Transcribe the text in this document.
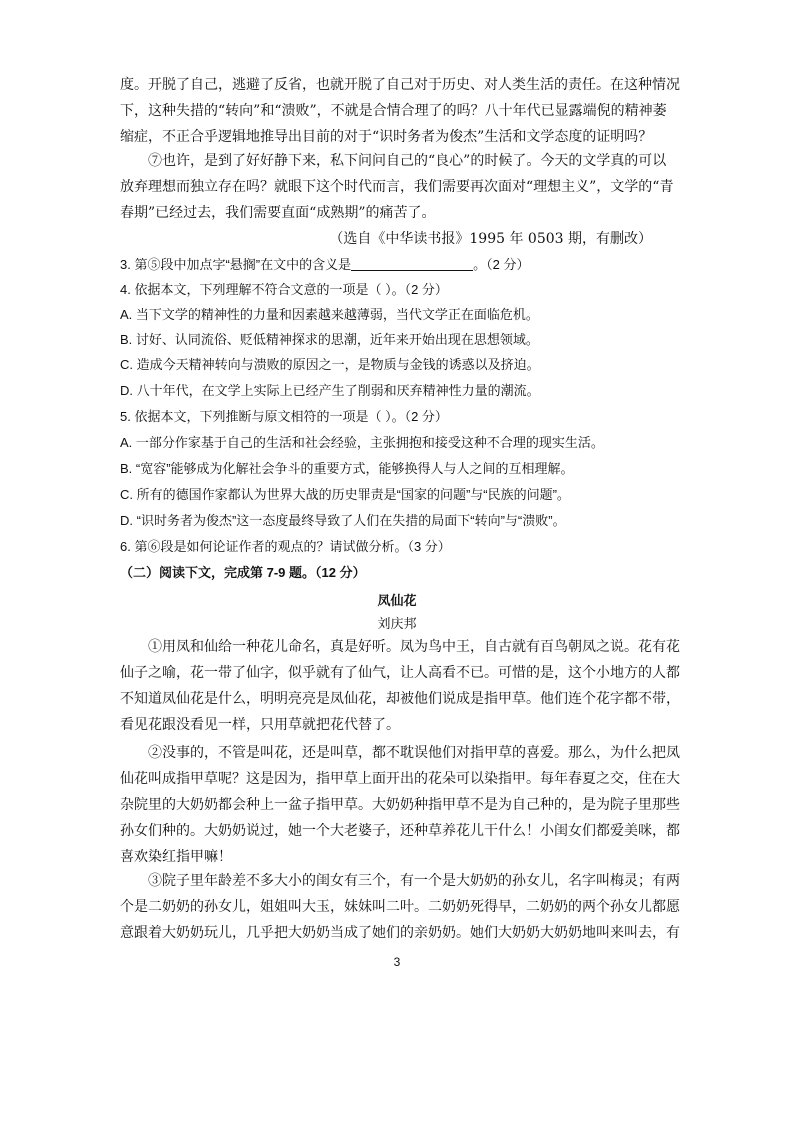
度。开脱了自己，逃避了反省，也就开脱了自己对于历史、对人类生活的责任。在这种情况下，这种失措的“转向”和“溃败”，不就是合情合理了的吗？八十年代已显露端倪的精神萎缩症，不正合乎逻辑地推导出目前的对于“识时务者为俊杰”生活和文学态度的证明吗？

⑦也许，是到了好好静下来，私下问问自己的“良心”的时候了。今天的文学真的可以放弃理想而独立存在吗？就眼下这个时代而言，我们需要再次面对“理想主义”，文学的“青春期”已经过去，我们需要直面“成熟期”的痛苦了。

（选自《中华读书报》1995 年 0503 期，有删改）

3. 第⑤段中加点字“悬搁”在文中的含义是	。（2 分）

4. 依据本文，下列理解不符合文意的一项是（ ）。（2 分）

A. 当下文学的精神性的力量和因素越来越薄弱，当代文学正在面临危机。

B. 讨好、认同流俗、贬低精神探求的思潮，近年来开始出现在思想领域。

C. 造成今天精神转向与溃败的原因之一，是物质与金钱的诱惑以及挤迫。

D. 八十年代，在文学上实际上已经产生了削弱和厌弃精神性力量的潮流。

5. 依据本文，下列推断与原文相符的一项是（ ）。（2 分）

A. 一部分作家基于自己的生活和社会经验，主张拥抱和接受这种不合理的现实生活。

B. “宽容”能够成为化解社会争斗的重要方式，能够换得人与人之间的互相理解。

C. 所有的德国作家都认为世界大战的历史罪责是“国家的问题”与“民族的问题”。

D. “识时务者为俊杰”这一态度最终导致了人们在失措的局面下“转向”与“溃败”。

6. 第⑥段是如何论证作者的观点的？请试做分析。（3 分）

（二）阅读下文，完成第 7-9 题。（12 分）

凤仙花

刘庆邦

①用凤和仙给一种花儿命名，真是好听。凤为鸟中王，自古就有百鸟朝凤之说。花有花仙子之喻，花一带了仙字，似乎就有了仙气，让人高看不已。可惜的是，这个小地方的人都不知道凤仙花是什么，明明亮亮是凤仙花，却被他们说成是指甲草。他们连个花字都不带，看见花跟没看见一样，只用草就把花代替了。

②没事的，不管是叫花，还是叫草，都不耽误他们对指甲草的喜爱。那么，为什么把凤仙花叫成指甲草呢？这是因为，指甲草上面开出的花朵可以染指甲。每年春夏之交，住在大杂院里的大奶奶都会种上一盆子指甲草。大奶奶种指甲草不是为自己种的，是为院子里那些孙女们种的。大奶奶说过，她一个大老婆子，还种草养花儿干什么！小闺女们都爱美咪，都喜欢染红指甲嘛！

③院子里年龄差不多大小的闺女有三个，有一个是大奶奶的孙女儿，名字叫梅灵；有两个是二奶奶的孙女儿，姐姐叫大玉，妹妹叫二叶。二奶奶死得早，二奶奶的两个孙女儿都愿意跟着大奶奶玩儿，几乎把大奶奶当成了她们的亲奶奶。她们大奶奶大奶奶地叫来叫去，有

3
